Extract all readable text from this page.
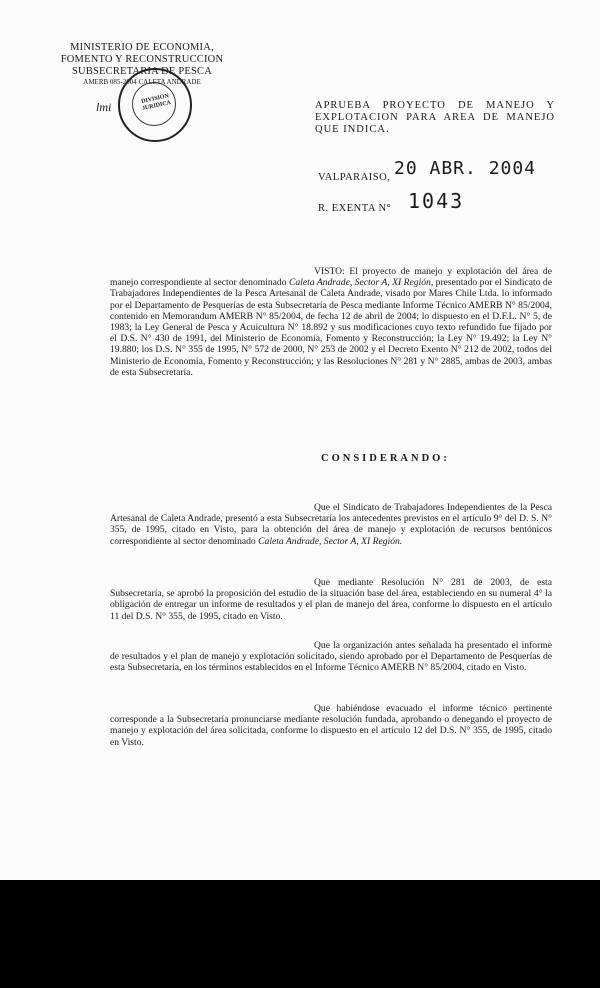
MINISTERIO DE ECONOMIA,
FOMENTO Y RECONSTRUCCION
SUBSECRETARIA DE PESCA
AMERB 085-2004 CALETA ANDRADE
DIVISION JURIDICA
lmi	APRUEBA PROYECTO DE MANEJO Y EXPLOTACION PARA AREA DE MANEJO QUE INDICA.
VALPARAISO, 20 ABR. 2004
R. EXENTA N° 1043
VISTO: El proyecto de manejo y explotación del área de manejo correspondiente al sector denominado Caleta Andrade, Sector A, XI Región, presentado por el Sindicato de Trabajadores Independientes de la Pesca Artesanal de Caleta Andrade, visado por Mares Chile Ltda. lo informado por el Departamento de Pesquerías de esta Subsecretaría de Pesca mediante Informe Técnico AMERB N° 85/2004, contenido en Memorandum AMERB N° 85/2004, de fecha 12 de abril de 2004; lo dispuesto en el D.F.L. N° 5, de 1983; la Ley General de Pesca y Acuicultura N° 18.892 y sus modificaciones cuyo texto refundido fue fijado por el D.S. N° 430 de 1991, del Ministerio de Economía, Fomento y Reconstrucción; la Ley N° 19.492; la Ley N° 19.880; los D.S. N° 355 de 1995, N° 572 de 2000, N° 253 de 2002 y el Decreto Exento N° 212 de 2002, todos del Ministerio de Economía, Fomento y Reconstrucción; y las Resoluciones N° 281 y N° 2885, ambas de 2003, ambas de esta Subsecretaría.
CONSIDERANDO:
Que el Sindicato de Trabajadores Independientes de la Pesca Artesanal de Caleta Andrade, presentó a esta Subsecretaría los antecedentes previstos en el artículo 9° del D. S. N° 355, de 1995, citado en Visto, para la obtención del área de manejo y explotación de recursos bentónicos correspondiente al sector denominado Caleta Andrade, Sector A, XI Región.
Que mediante Resolución N° 281 de 2003, de esta Subsecretaría, se aprobó la proposición del estudio de la situación base del área, estableciendo en su numeral 4° la obligación de entregar un informe de resultados y el plan de manejo del área, conforme lo dispuesto en el artículo 11 del D.S. N° 355, de 1995, citado en Visto.
Que la organización antes señalada ha presentado el informe de resultados y el plan de manejo y explotación solicitado, siendo aprobado por el Departamento de Pesquerías de esta Subsecretaría, en los términos establecidos en el Informe Técnico AMERB N° 85/2004, citado en Visto.
Que habiéndose evacuado el informe técnico pertinente corresponde a la Subsecretaría pronunciarse mediante resolución fundada, aprobando o denegando el proyecto de manejo y explotación del área solicitada, conforme lo dispuesto en el artículo 12 del D.S. N° 355, de 1995, citado en Visto.
